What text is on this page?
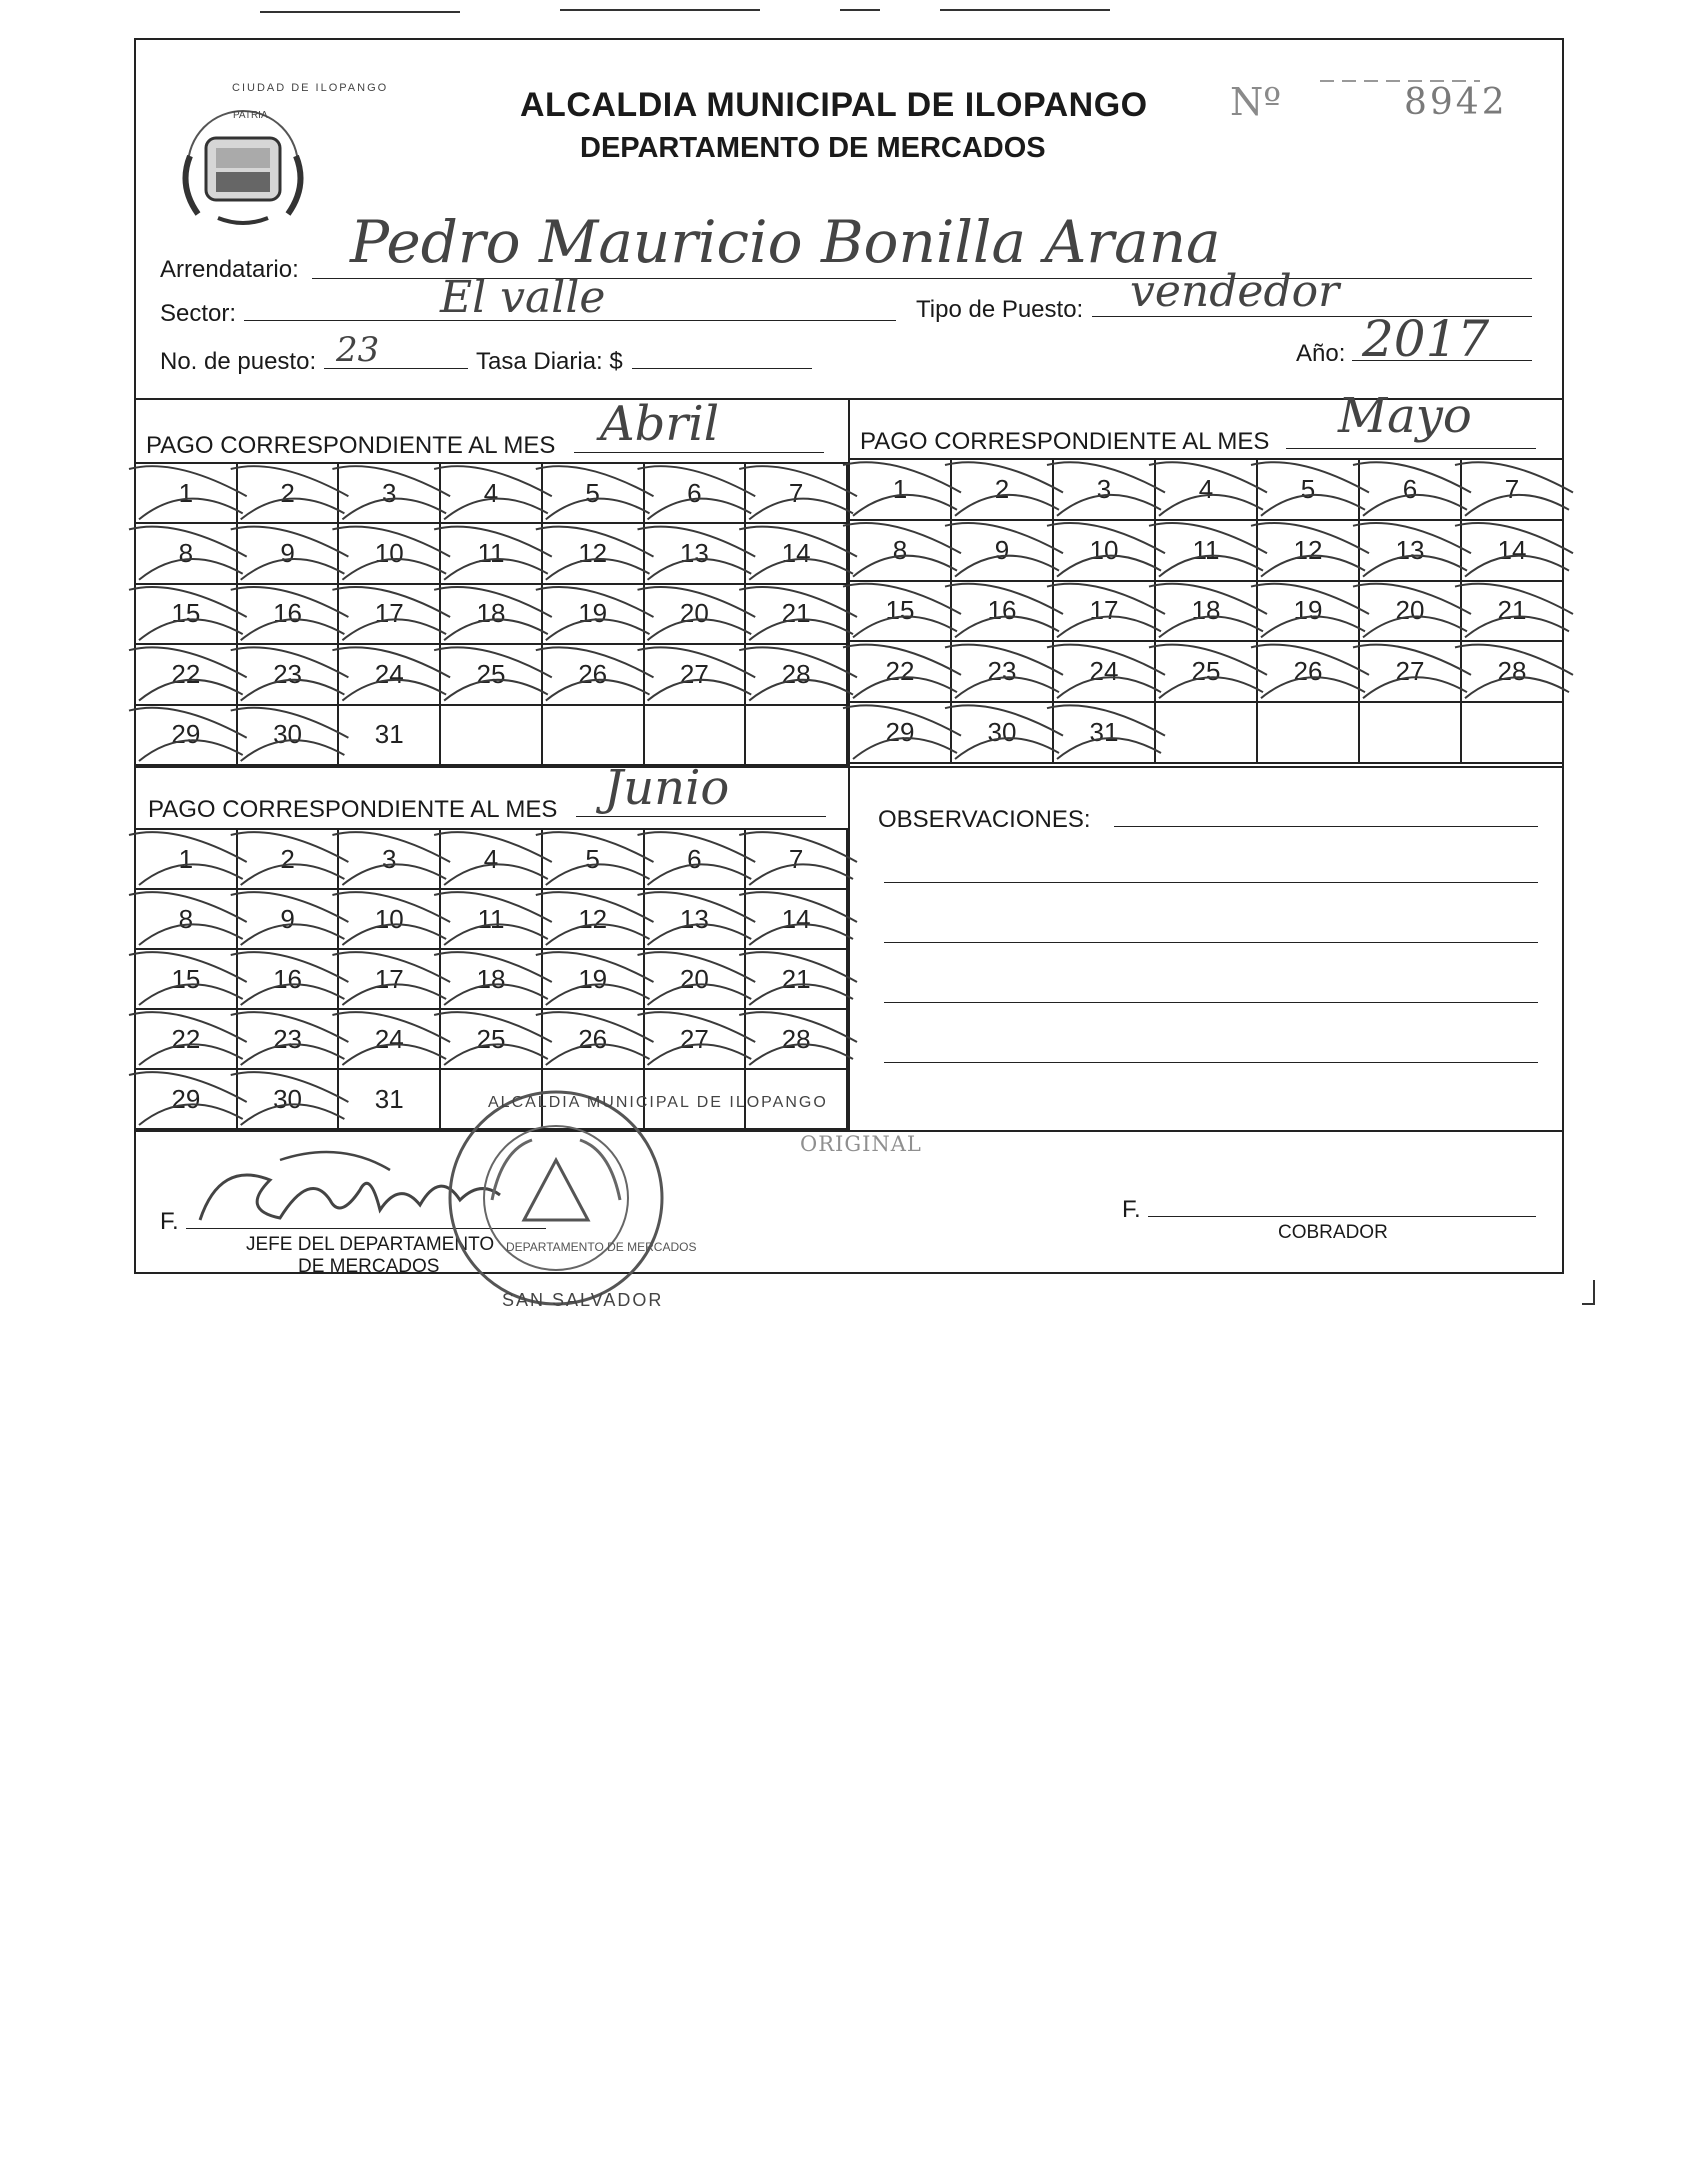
CIUDAD DE ILOPANGO
PATRIA	ALCALDIA MUNICIPAL DE ILOPANGO
DEPARTAMENTO DE MERCADOS
Nº	8942
Arrendatario: Pedro Mauricio Bonilla Arana
Sector:	El valle	Tipo de Puesto: vendedor
No. de puesto: 23	Tasa Diaria: $	Año: 2017
PAGO CORRESPONDIENTE AL MES Abril
1	2	3	4	5	6	7
8	9	10	11	12	13	14
15	16	17	18	19	20	21
22	23	24	25	26	27	28
29	30	31				
PAGO CORRESPONDIENTE AL MES Mayo
1	2	3	4	5	6	7
8	9	10	11	12	13	14
15	16	17	18	19	20	21
22	23	24	25	26	27	28
29	30	31				
PAGO CORRESPONDIENTE AL MES Junio
1	2	3	4	5	6	7
8	9	10	11	12	13	14
15	16	17	18	19	20	21
22	23	24	25	26	27	28
29	30	31				
OBSERVACIONES:
ORIGINAL
F.
JEFE DEL DEPARTAMENTO
DE MERCADOS
F.
COBRADOR
ALCALDIA MUNICIPAL DE ILOPANGO
DEPARTAMENTO DE MERCADOS
SAN SALVADOR
